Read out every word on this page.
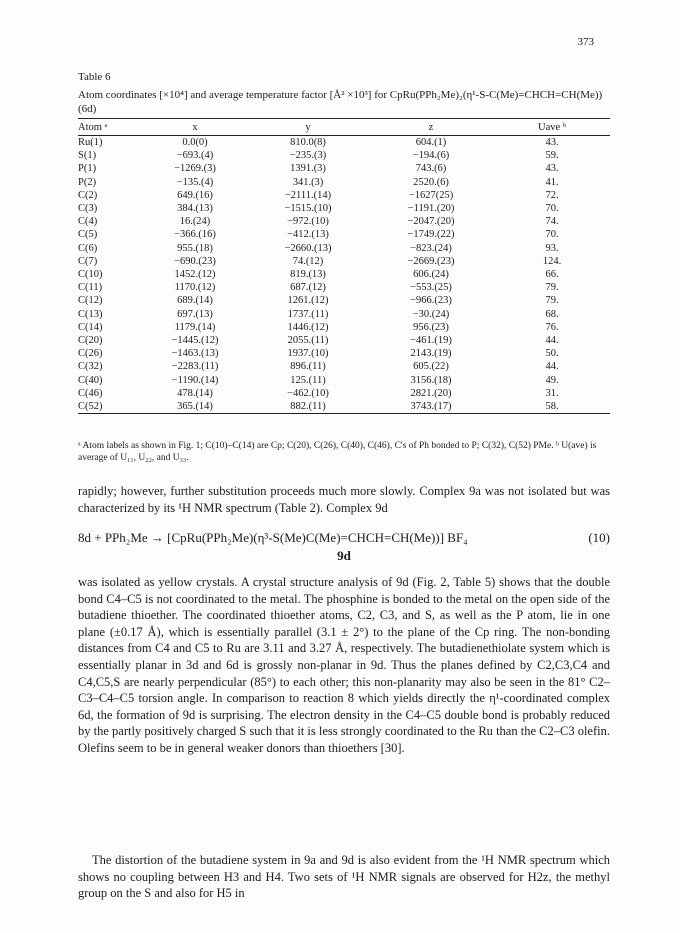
373
Table 6
Atom coordinates [×10⁴] and average temperature factor [Å² ×10³] for CpRu(PPh₂Me)₂(η¹-S-C(Me)=CHCH=CH(Me)) (6d)
Atom ᵃ	x	y	z	Uave ᵇ
Ru(1)	0.0(0)	810.0(8)	604.(1)	43.
S(1)	−693.(4)	−235.(3)	−194.(6)	59.
P(1)	−1269.(3)	1391.(3)	743.(6)	43.
P(2)	−135.(4)	341.(3)	2520.(6)	41.
C(2)	649.(16)	−2111.(14)	−1627(25)	72.
C(3)	384.(13)	−1515.(10)	−1191.(20)	70.
C(4)	16.(24)	−972.(10)	−2047.(20)	74.
C(5)	−366.(16)	−412.(13)	−1749.(22)	70.
C(6)	955.(18)	−2660.(13)	−823.(24)	93.
C(7)	−690.(23)	74.(12)	−2669.(23)	124.
C(10)	1452.(12)	819.(13)	606.(24)	66.
C(11)	1170.(12)	687.(12)	−553.(25)	79.
C(12)	689.(14)	1261.(12)	−966.(23)	79.
C(13)	697.(13)	1737.(11)	−30.(24)	68.
C(14)	1179.(14)	1446.(12)	956.(23)	76.
C(20)	−1445.(12)	2055.(11)	−461.(19)	44.
C(26)	−1463.(13)	1937.(10)	2143.(19)	50.
C(32)	−2283.(11)	896.(11)	605.(22)	44.
C(40)	−1190.(14)	125.(11)	3156.(18)	49.
C(46)	478.(14)	−462.(10)	2821.(20)	31.
C(52)	365.(14)	882.(11)	3743.(17)	58.
ᵃ Atom labels as shown in Fig. 1; C(10)–C(14) are Cp; C(20), C(26), C(40), C(46), C's of Ph bonded to P; C(32), C(52) PMe. ᵇ U(ave) is average of U₁₁, U₂₂, and U₃₃.
rapidly; however, further substitution proceeds much more slowly. Complex 9a was not isolated but was characterized by its ¹H NMR spectrum (Table 2). Complex 9d
8d + PPh₂Me → [CpRu(PPh₂Me)(η³-S(Me)C(Me)=CHCH=CH(Me))] BF₄	(10)
9d
was isolated as yellow crystals. A crystal structure analysis of 9d (Fig. 2, Table 5) shows that the double bond C4–C5 is not coordinated to the metal. The phosphine is bonded to the metal on the open side of the butadiene thioether. The coordinated thioether atoms, C2, C3, and S, as well as the P atom, lie in one plane (±0.17 Å), which is essentially parallel (3.1 ± 2°) to the plane of the Cp ring. The non-bonding distances from C4 and C5 to Ru are 3.11 and 3.27 Å, respectively. The butadienethiolate system which is essentially planar in 3d and 6d is grossly non-planar in 9d. Thus the planes defined by C2,C3,C4 and C4,C5,S are nearly perpendicular (85°) to each other; this non-planarity may also be seen in the 81° C2–C3–C4–C5 torsion angle. In comparison to reaction 8 which yields directly the η¹-coordinated complex 6d, the formation of 9d is surprising. The electron density in the C4–C5 double bond is probably reduced by the partly positively charged S such that it is less strongly coordinated to the Ru than the C2–C3 olefin. Olefins seem to be in general weaker donors than thioethers [30].
The distortion of the butadiene system in 9a and 9d is also evident from the ¹H NMR spectrum which shows no coupling between H3 and H4. Two sets of ¹H NMR signals are observed for H2z, the methyl group on the S and also for H5 in
